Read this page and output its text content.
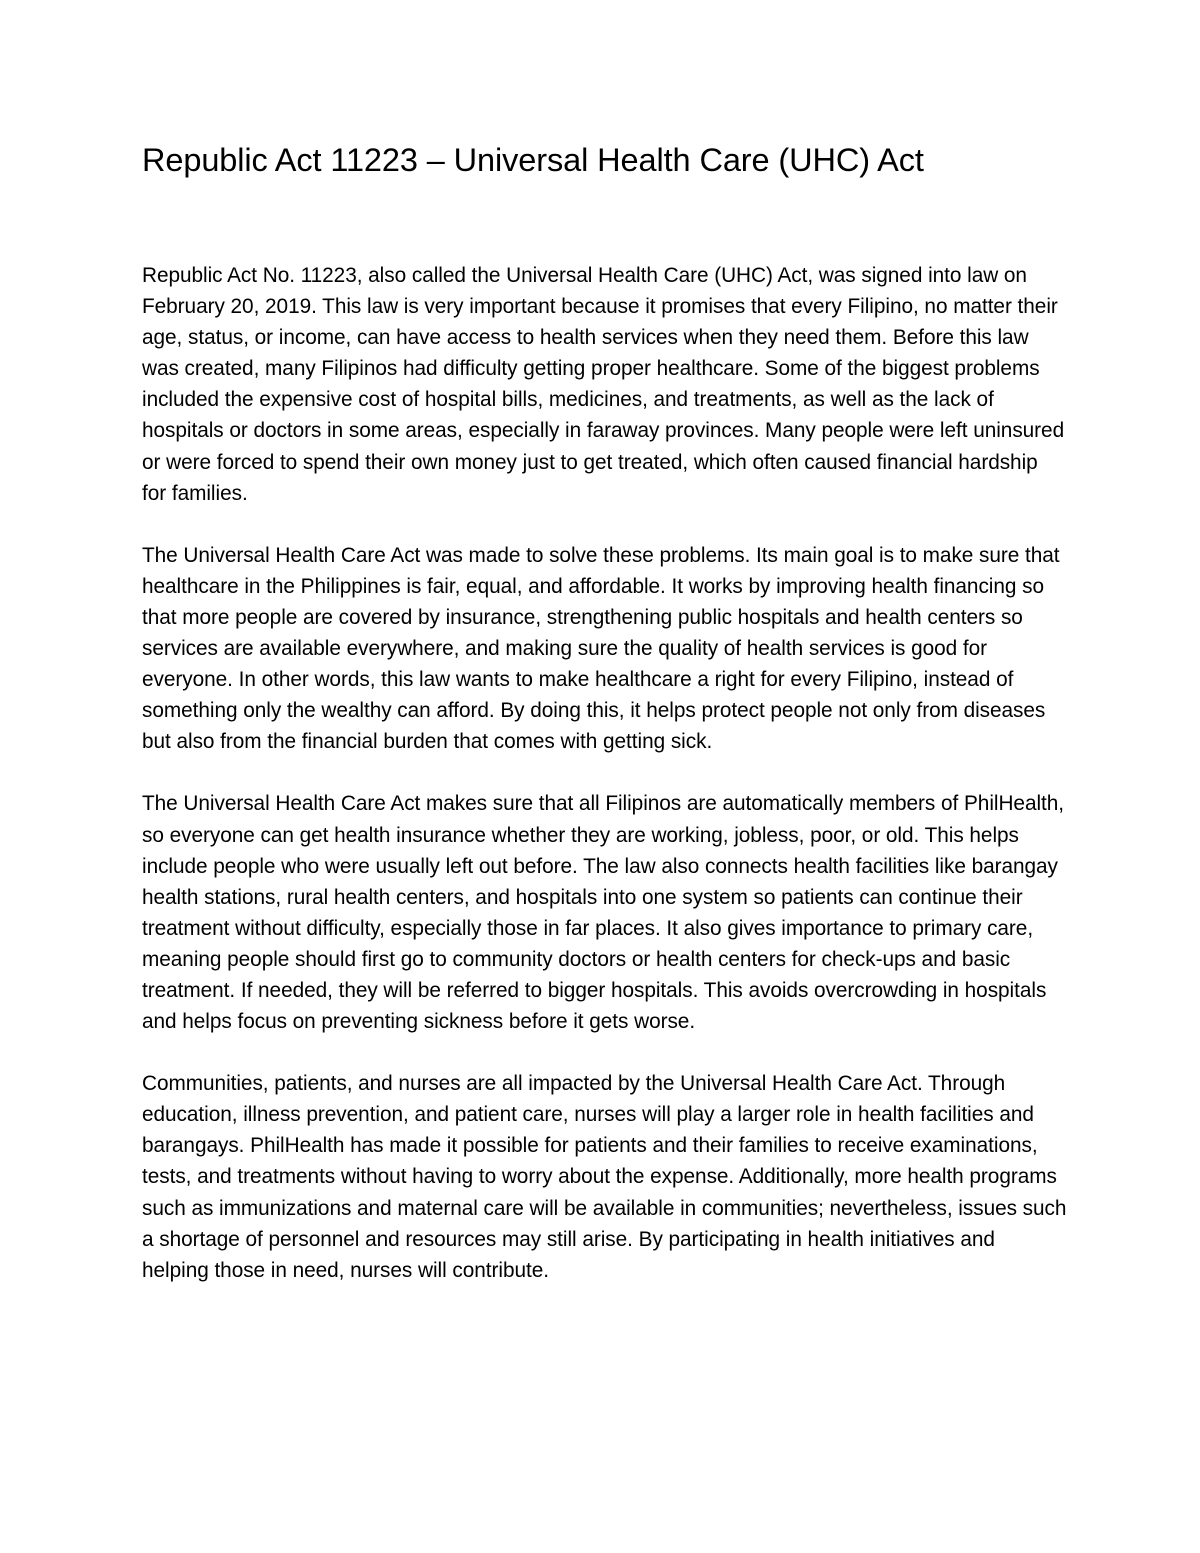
Republic Act 11223 – Universal Health Care (UHC) Act

Republic Act No. 11223, also called the Universal Health Care (UHC) Act, was signed into law on February 20, 2019. This law is very important because it promises that every Filipino, no matter their age, status, or income, can have access to health services when they need them. Before this law was created, many Filipinos had difficulty getting proper healthcare. Some of the biggest problems included the expensive cost of hospital bills, medicines, and treatments, as well as the lack of hospitals or doctors in some areas, especially in faraway provinces. Many people were left uninsured or were forced to spend their own money just to get treated, which often caused financial hardship for families.

The Universal Health Care Act was made to solve these problems. Its main goal is to make sure that healthcare in the Philippines is fair, equal, and affordable. It works by improving health financing so that more people are covered by insurance, strengthening public hospitals and health centers so services are available everywhere, and making sure the quality of health services is good for everyone. In other words, this law wants to make healthcare a right for every Filipino, instead of something only the wealthy can afford. By doing this, it helps protect people not only from diseases but also from the financial burden that comes with getting sick.

The Universal Health Care Act makes sure that all Filipinos are automatically members of PhilHealth, so everyone can get health insurance whether they are working, jobless, poor, or old. This helps include people who were usually left out before. The law also connects health facilities like barangay health stations, rural health centers, and hospitals into one system so patients can continue their treatment without difficulty, especially those in far places. It also gives importance to primary care, meaning people should first go to community doctors or health centers for check-ups and basic treatment. If needed, they will be referred to bigger hospitals. This avoids overcrowding in hospitals and helps focus on preventing sickness before it gets worse.

Communities, patients, and nurses are all impacted by the Universal Health Care Act. Through education, illness prevention, and patient care, nurses will play a larger role in health facilities and barangays. PhilHealth has made it possible for patients and their families to receive examinations, tests, and treatments without having to worry about the expense. Additionally, more health programs such as immunizations and maternal care will be available in communities; nevertheless, issues such a shortage of personnel and resources may still arise. By participating in health initiatives and helping those in need, nurses will contribute.
